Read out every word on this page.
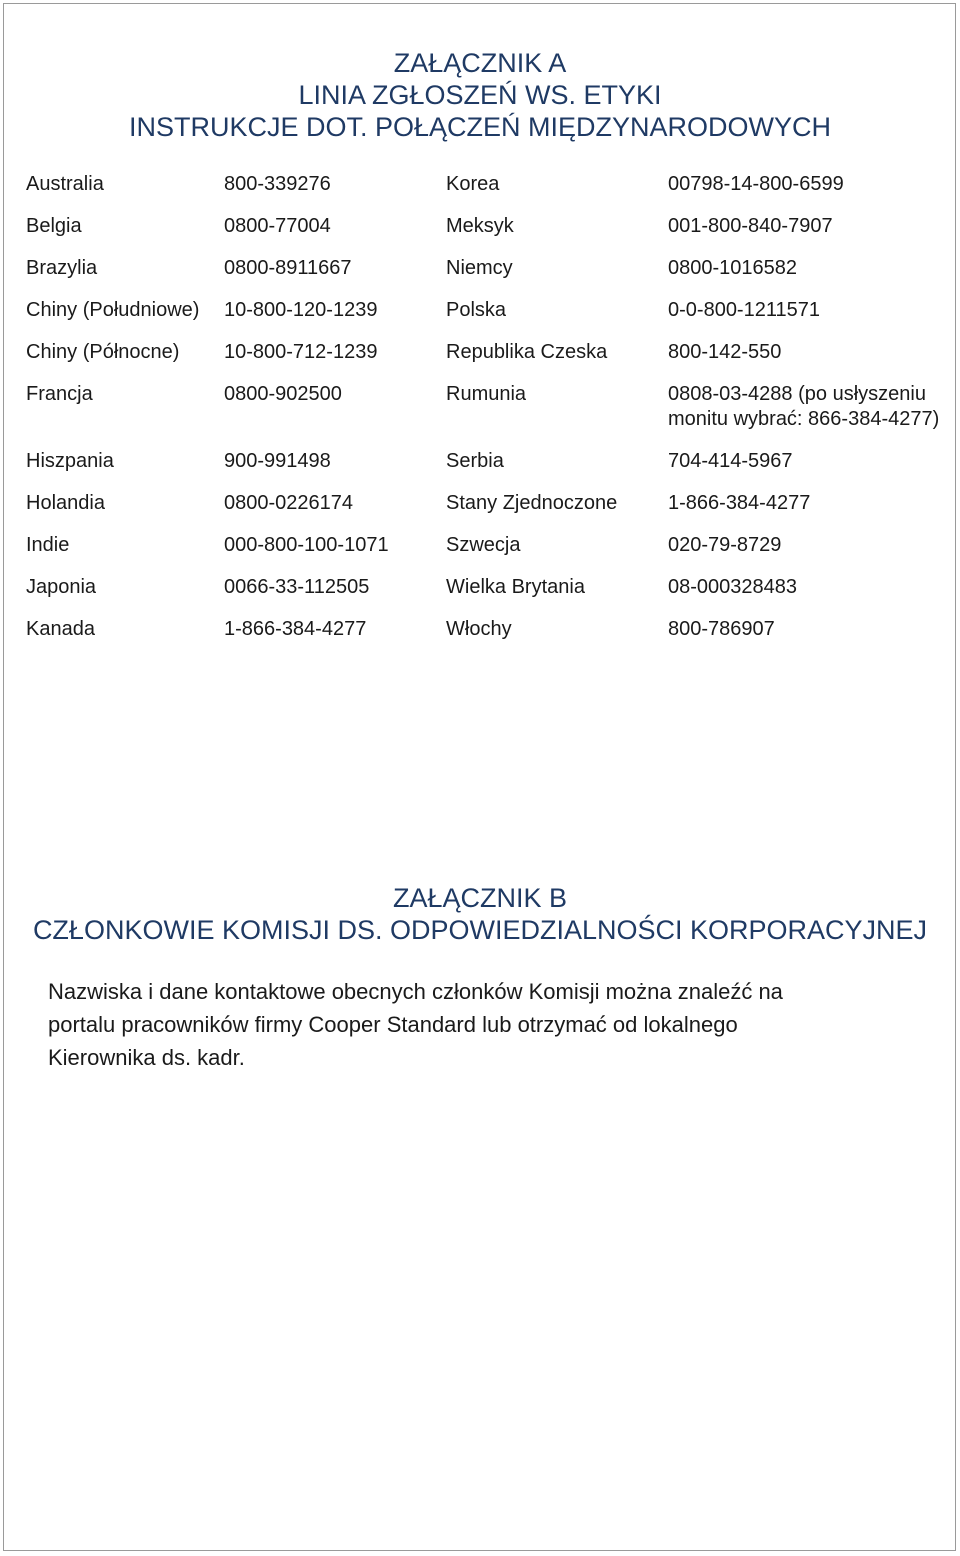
ZAŁĄCZNIK A
LINIA ZGŁOSZEŃ WS. ETYKI
INSTRUKCJE DOT. POŁĄCZEŃ MIĘDZYNARODOWYCH
Australia	800-339276	Korea	00798-14-800-6599
Belgia	0800-77004	Meksyk	001-800-840-7907
Brazylia	0800-8911667	Niemcy	0800-1016582
Chiny (Południowe)	10-800-120-1239	Polska	0-0-800-1211571
Chiny (Północne)	10-800-712-1239	Republika Czeska	800-142-550
Francja	0800-902500	Rumunia	0808-03-4288 (po usłyszeniu monitu wybrać: 866-384-4277)
Hiszpania	900-991498	Serbia	704-414-5967
Holandia	0800-0226174	Stany Zjednoczone	1-866-384-4277
Indie	000-800-100-1071	Szwecja	020-79-8729
Japonia	0066-33-112505	Wielka Brytania	08-000328483
Kanada	1-866-384-4277	Włochy	800-786907
ZAŁĄCZNIK B
CZŁONKOWIE KOMISJI DS. ODPOWIEDZIALNOŚCI KORPORACYJNEJ

Nazwiska i dane kontaktowe obecnych członków Komisji można znaleźć na
portalu pracowników firmy Cooper Standard lub otrzymać od lokalnego
Kierownika ds. kadr.
